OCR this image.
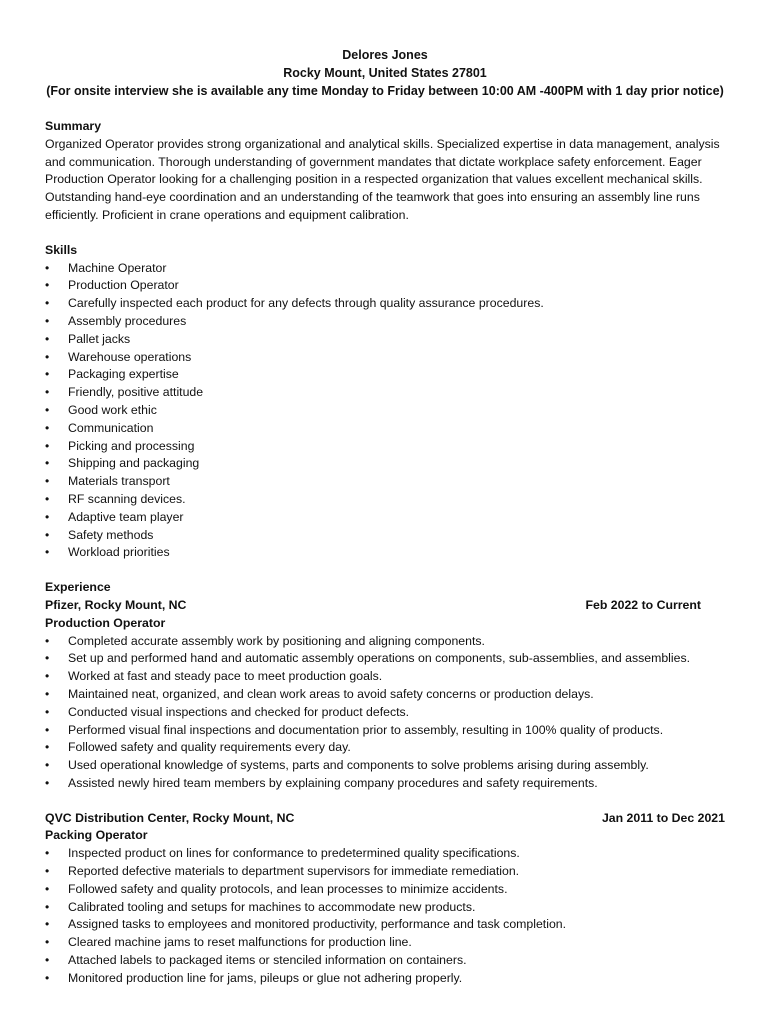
Delores Jones
Rocky Mount, United States 27801
(For onsite interview she is available any time Monday to Friday between 10:00 AM -400PM with 1 day prior notice)
Summary

Organized Operator provides strong organizational and analytical skills. Specialized expertise in data management, analysis and communication. Thorough understanding of government mandates that dictate workplace safety enforcement. Eager Production Operator looking for a challenging position in a respected organization that values excellent mechanical skills. Outstanding hand-eye coordination and an understanding of the teamwork that goes into ensuring an assembly line runs efficiently. Proficient in crane operations and equipment calibration.

Skills
• Machine Operator
• Production Operator
• Carefully inspected each product for any defects through quality assurance procedures.
• Assembly procedures
• Pallet jacks
• Warehouse operations
• Packaging expertise
• Friendly, positive attitude
• Good work ethic
• Communication
• Picking and processing
• Shipping and packaging
• Materials transport
• RF scanning devices.
• Adaptive team player
• Safety methods
• Workload priorities
Experience
Pfizer, Rocky Mount, NC	Feb 2022 to Current
Production Operator
• Completed accurate assembly work by positioning and aligning components.
• Set up and performed hand and automatic assembly operations on components, sub-assemblies, and assemblies.
• Worked at fast and steady pace to meet production goals.
• Maintained neat, organized, and clean work areas to avoid safety concerns or production delays.
• Conducted visual inspections and checked for product defects.
• Performed visual final inspections and documentation prior to assembly, resulting in 100% quality of products.
• Followed safety and quality requirements every day.
• Used operational knowledge of systems, parts and components to solve problems arising during assembly.
• Assisted newly hired team members by explaining company procedures and safety requirements.
QVC Distribution Center, Rocky Mount, NC	Jan 2011 to Dec 2021
Packing Operator
• Inspected product on lines for conformance to predetermined quality specifications.
• Reported defective materials to department supervisors for immediate remediation.
• Followed safety and quality protocols, and lean processes to minimize accidents.
• Calibrated tooling and setups for machines to accommodate new products.
• Assigned tasks to employees and monitored productivity, performance and task completion.
• Cleared machine jams to reset malfunctions for production line.
• Attached labels to packaged items or stenciled information on containers.
• Monitored production line for jams, pileups or glue not adhering properly.
